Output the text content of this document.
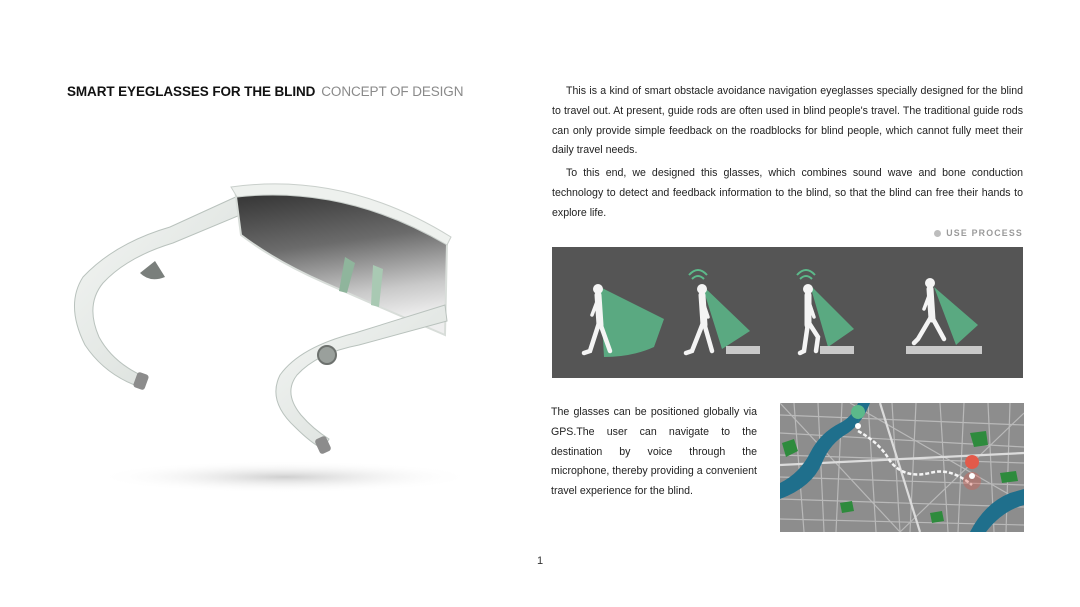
SMART EYEGLASSES FOR THE BLIND CONCEPT OF DESIGN	This is a kind of smart obstacle avoidance navigation eyeglasses specially designed for the blind to travel out. At present, guide rods are often used in blind people's travel. The traditional guide rods can only provide simple feedback on the roadblocks for blind people, which cannot fully meet their daily travel needs.

To this end, we designed this glasses, which combines sound wave and bone conduction technology to detect and feedback information to the blind, so that the blind can free their hands to explore life.

USE PROCESS

The glasses can be positioned globally via GPS.The user can navigate to the destination by voice through the microphone, thereby providing a convenient travel experience for the blind.

1
